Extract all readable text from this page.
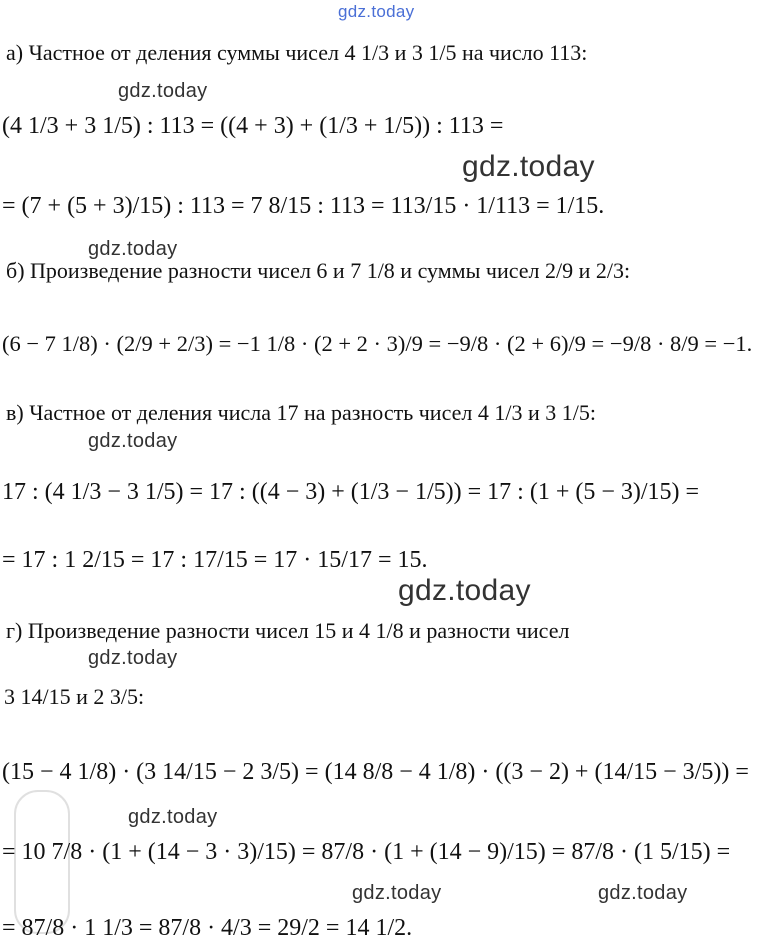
gdz.today
gdz.today
gdz.today
gdz.today
gdz.today
gdz.today
gdz.today
gdz.today
gdz.today	gdz.today
а) Частное от деления суммы чисел 4 1/3 и 3 1/5 на число 113:
(4 1/3 + 3 1/5) : 113 = ((4 + 3) + (1/3 + 1/5)) : 113 =
= (7 + (5 + 3)/15) : 113 = 7 8/15 : 113 = 113/15 · 1/113 = 1/15.
б) Произведение разности чисел 6 и 7 1/8 и суммы чисел 2/9 и 2/3:
(6 − 7 1/8) · (2/9 + 2/3) = −1 1/8 · (2 + 2 · 3)/9 = −9/8 · (2 + 6)/9 = −9/8 · 8/9 = −1.
в) Частное от деления числа 17 на разность чисел 4 1/3 и 3 1/5:
17 : (4 1/3 − 3 1/5) = 17 : ((4 − 3) + (1/3 − 1/5)) = 17 : (1 + (5 − 3)/15) =
= 17 : 1 2/15 = 17 : 17/15 = 17 · 15/17 = 15.
г) Произведение разности чисел 15 и 4 1/8 и разности чисел
3 14/15 и 2 3/5:
(15 − 4 1/8) · (3 14/15 − 2 3/5) = (14 8/8 − 4 1/8) · ((3 − 2) + (14/15 − 3/5)) =
= 10 7/8 · (1 + (14 − 3 · 3)/15) = 87/8 · (1 + (14 − 9)/15) = 87/8 · (1 5/15) =
= 87/8 · 1 1/3 = 87/8 · 4/3 = 29/2 = 14 1/2.
